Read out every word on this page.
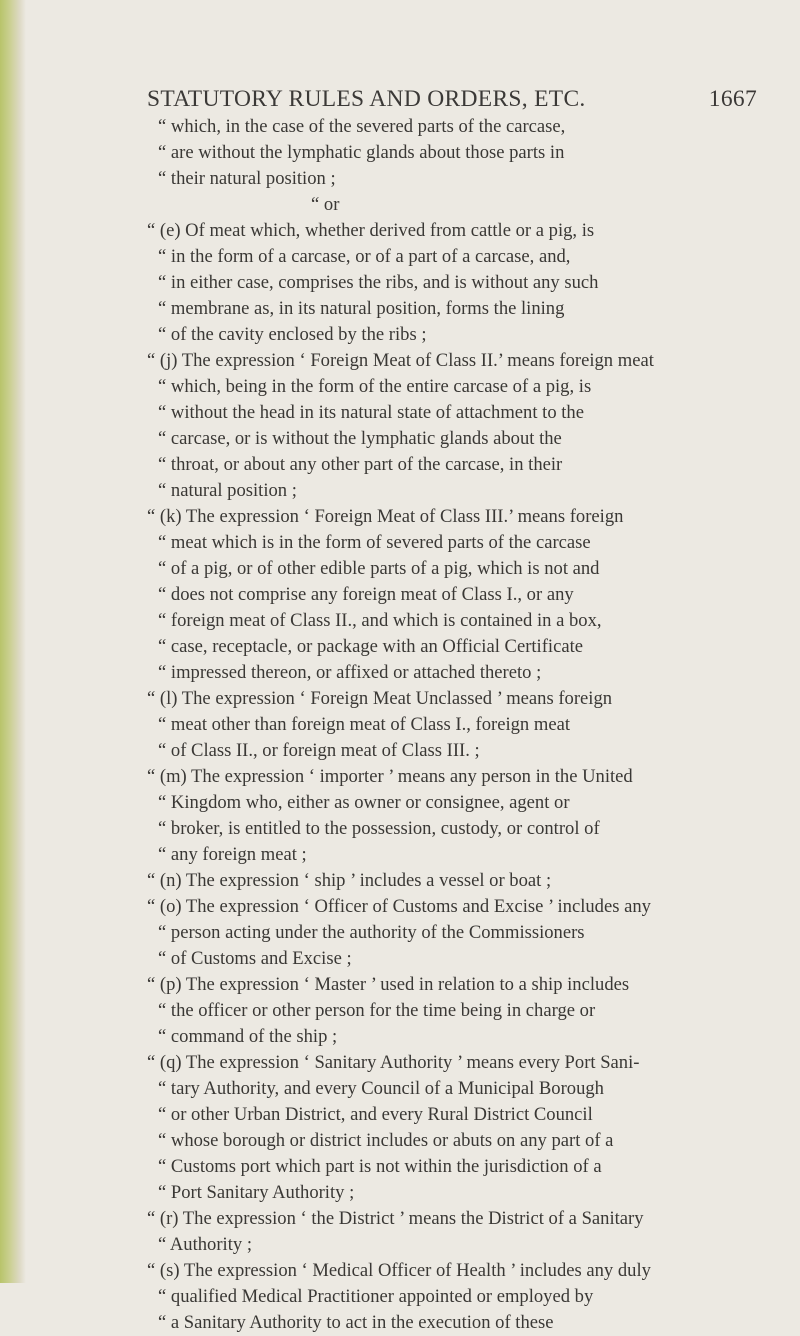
STATUTORY RULES AND ORDERS, ETC.	1667
“ which, in the case of the severed parts of the carcase,
“ are without the lymphatic glands about those parts in
“ their natural position ;
“ or
“ (e) Of meat which, whether derived from cattle or a pig, is
“ in the form of a carcase, or of a part of a carcase, and,
“ in either case, comprises the ribs, and is without any such
“ membrane as, in its natural position, forms the lining
“ of the cavity enclosed by the ribs ;
“ (j) The expression ‘ Foreign Meat of Class II.’ means foreign meat
“ which, being in the form of the entire carcase of a pig, is
“ without the head in its natural state of attachment to the
“ carcase, or is without the lymphatic glands about the
“ throat, or about any other part of the carcase, in their
“ natural position ;
“ (k) The expression ‘ Foreign Meat of Class III.’ means foreign
“ meat which is in the form of severed parts of the carcase
“ of a pig, or of other edible parts of a pig, which is not and
“ does not comprise any foreign meat of Class I., or any
“ foreign meat of Class II., and which is contained in a box,
“ case, receptacle, or package with an Official Certificate
“ impressed thereon, or affixed or attached thereto ;
“ (l) The expression ‘ Foreign Meat Unclassed ’ means foreign
“ meat other than foreign meat of Class I., foreign meat
“ of Class II., or foreign meat of Class III. ;
“ (m) The expression ‘ importer ’ means any person in the United
“ Kingdom who, either as owner or consignee, agent or
“ broker, is entitled to the possession, custody, or control of
“ any foreign meat ;
“ (n) The expression ‘ ship ’ includes a vessel or boat ;
“ (o) The expression ‘ Officer of Customs and Excise ’ includes any
“ person acting under the authority of the Commissioners
“ of Customs and Excise ;
“ (p) The expression ‘ Master ’ used in relation to a ship includes
“ the officer or other person for the time being in charge or
“ command of the ship ;
“ (q) The expression ‘ Sanitary Authority ’ means every Port Sani-
“ tary Authority, and every Council of a Municipal Borough
“ or other Urban District, and every Rural District Council
“ whose borough or district includes or abuts on any part of a
“ Customs port which part is not within the jurisdiction of a
“ Port Sanitary Authority ;
“ (r) The expression ‘ the District ’ means the District of a Sanitary
“ Authority ;
“ (s) The expression ‘ Medical Officer of Health ’ includes any duly
“ qualified Medical Practitioner appointed or employed by
“ a Sanitary Authority to act in the execution of these
